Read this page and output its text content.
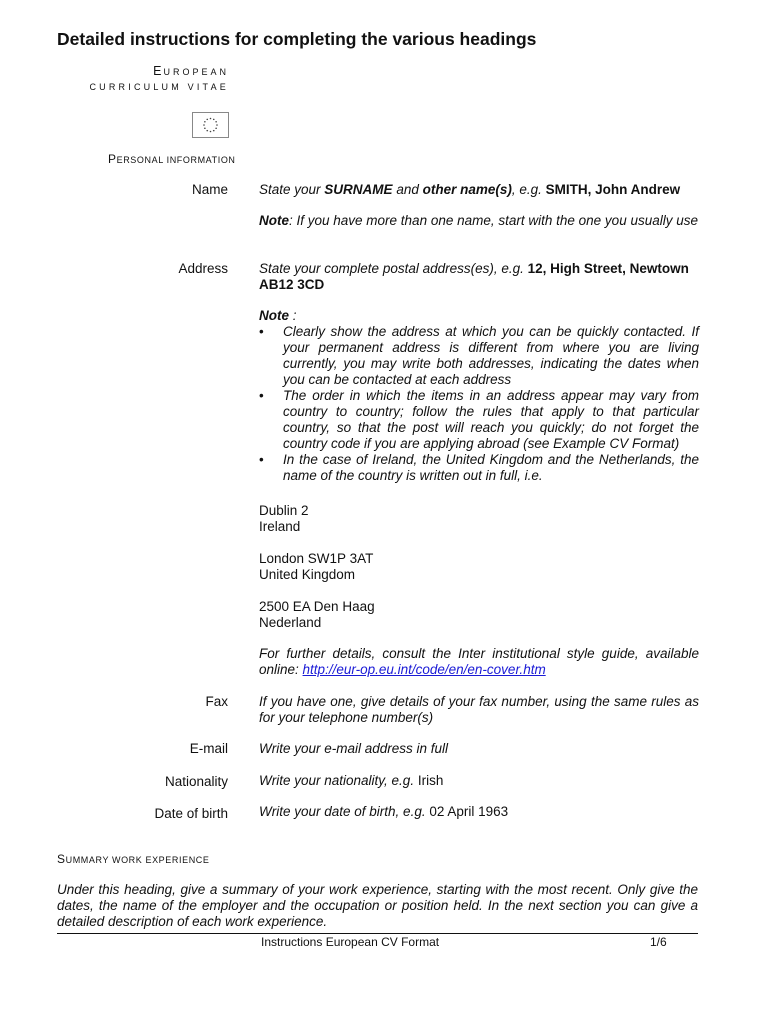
Detailed instructions for completing the various headings
EUROPEAN
CURRICULUM VITAE
PERSONAL INFORMATION
Name State your SURNAME and other name(s), e.g. SMITH, John Andrew

Note: If you have more than one name, start with the one you usually use

Address State your complete postal address(es), e.g. 12, High Street, Newtown AB12 3CD

Note :

• Clearly show the address at which you can be quickly contacted. If your permanent address is different from where you are living currently, you may write both addresses, indicating the dates when you can be contacted at each address
• The order in which the items in an address appear may vary from country to country; follow the rules that apply to that particular country, so that the post will reach you quickly; do not forget the country code if you are applying abroad (see Example CV Format)
• In the case of Ireland, the United Kingdom and the Netherlands, the name of the country is written out in full, i.e.

Dublin 2

Ireland

London SW1P 3AT

United Kingdom

2500 EA Den Haag

Nederland

For further details, consult the Inter institutional style guide, available online: http://eur-op.eu.int/code/en/en-cover.htm

Fax If you have one, give details of your fax number, using the same rules as for your telephone number(s)

E-mail Write your e-mail address in full

Nationality Write your nationality, e.g. Irish

Date of birth Write your date of birth, e.g. 02 April 1963

SUMMARY WORK EXPERIENCE

Under this heading, give a summary of your work experience, starting with the most recent. Only give the dates, the name of the employer and the occupation or position held. In the next section you can give a detailed description of each work experience.

Instructions European CV Format	1/6
